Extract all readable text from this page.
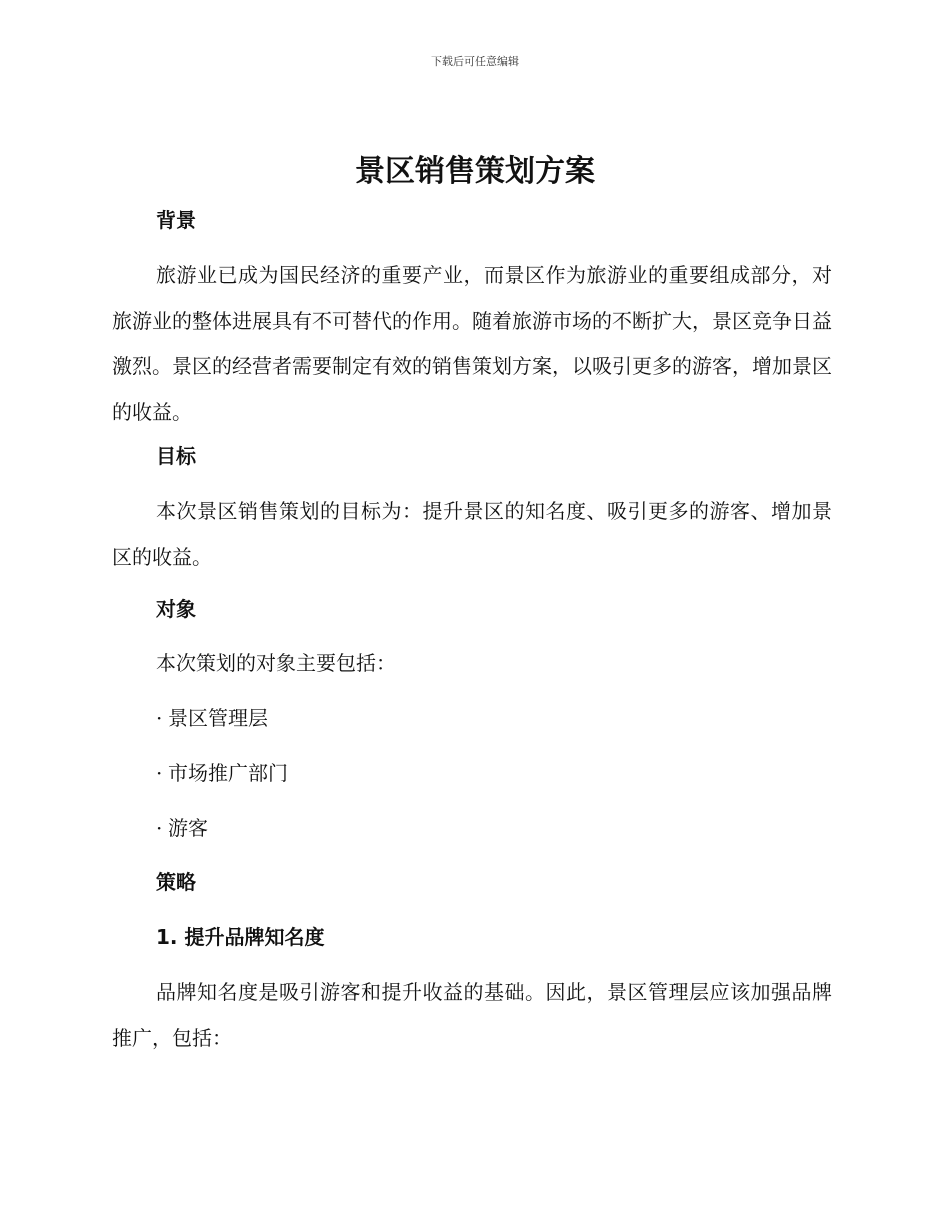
下载后可任意编辑
景区销售策划方案
背景

旅游业已成为国民经济的重要产业，而景区作为旅游业的重要组成部分，对旅游业的整体进展具有不可替代的作用。随着旅游市场的不断扩大，景区竞争日益激烈。景区的经营者需要制定有效的销售策划方案，以吸引更多的游客，增加景区的收益。

目标

本次景区销售策划的目标为：提升景区的知名度、吸引更多的游客、增加景区的收益。

对象

本次策划的对象主要包括：

· 景区管理层

· 市场推广部门

· 游客

策略
1. 提升品牌知名度

品牌知名度是吸引游客和提升收益的基础。因此，景区管理层应该加强品牌推广，包括：
